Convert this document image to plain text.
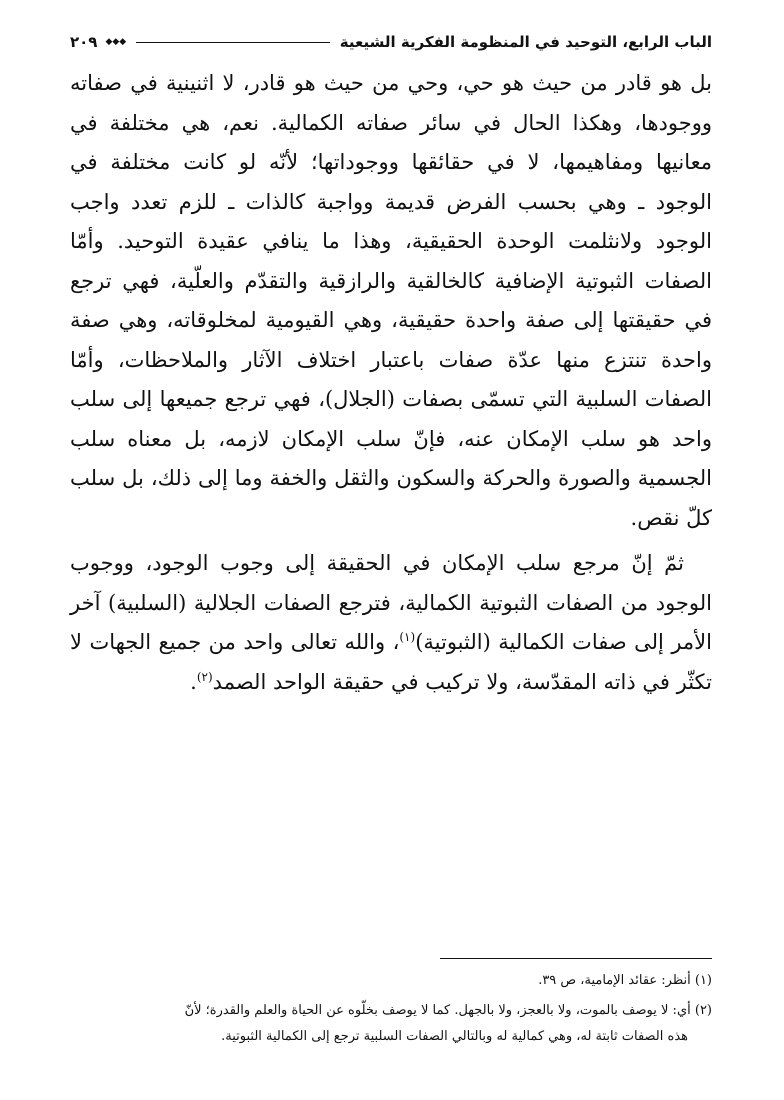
الباب الرابع، التوحيد في المنظومة الفكرية الشيعية
◆◆◆
٢٠٩

بل هو قادر من حيث هو حي، وحي من حيث هو قادر، لا اثنينية في صفاته ووجودها، وهكذا الحال في سائر صفاته الكمالية. نعم، هي مختلفة في معانيها ومفاهيمها، لا في حقائقها ووجوداتها؛ لأنّه لو كانت مختلفة في الوجود ـ وهي بحسب الفرض قديمة وواجبة كالذات ـ للزم تعدد واجب الوجود ولانثلمت الوحدة الحقيقية، وهذا ما ينافي عقيدة التوحيد. وأمّا الصفات الثبوتية الإضافية كالخالقية والرازقية والتقدّم والعلّية، فهي ترجع في حقيقتها إلى صفة واحدة حقيقية، وهي القيومية لمخلوقاته، وهي صفة واحدة تنتزع منها عدّة صفات باعتبار اختلاف الآثار والملاحظات، وأمّا الصفات السلبية التي تسمّى بصفات (الجلال)، فهي ترجع جميعها إلى سلب واحد هو سلب الإمكان عنه، فإنّ سلب الإمكان لازمه، بل معناه سلب الجسمية والصورة والحركة والسكون والثقل والخفة وما إلى ذلك، بل سلب كلّ نقص.

ثمّ إنّ مرجع سلب الإمكان في الحقيقة إلى وجوب الوجود، ووجوب الوجود من الصفات الثبوتية الكمالية، فترجع الصفات الجلالية (السلبية) آخر الأمر إلى صفات الكمالية (الثبوتية)$^{(١)}$، والله تعالى واحد من جميع الجهات لا تكثّر في ذاته المقدّسة، ولا تركيب في حقيقة الواحد الصمد$^{(٢)}$.

(١) أنظر: عقائد الإمامية، ص ٣٩.

(٢) أي: لا يوصف بالموت، ولا بالعجز، ولا بالجهل. كما لا يوصف بخلّوه عن الحياة والعلم والقدرة؛ لأنّ
هذه الصفات ثابتة له، وهي كمالية له وبالتالي الصفات السلبية ترجع إلى الكمالية الثبوتية.
